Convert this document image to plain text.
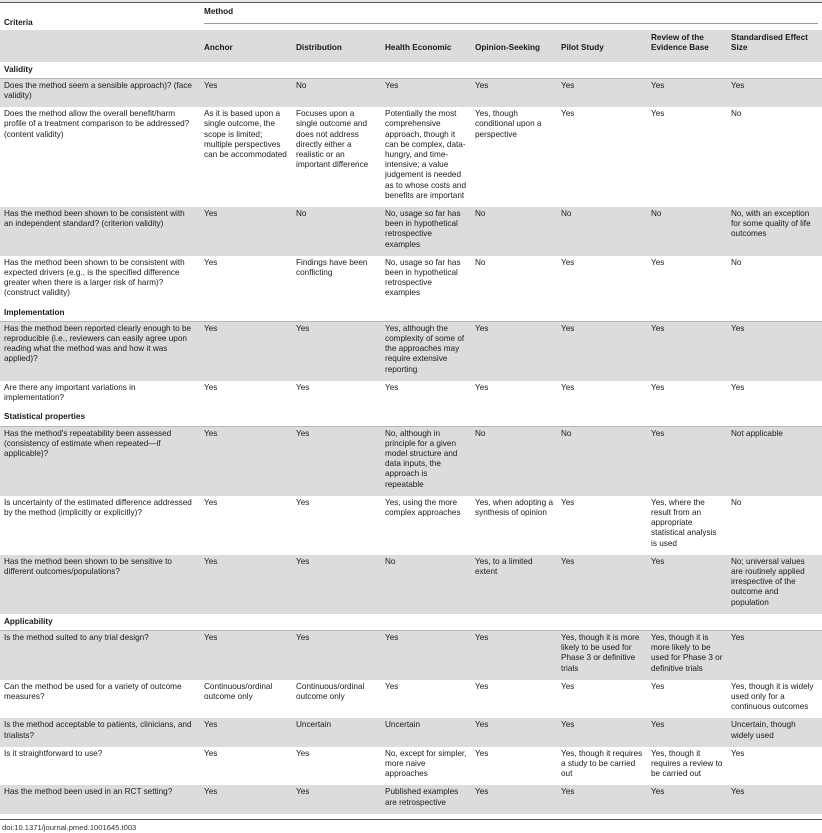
Criteria	Method						

	Anchor	Distribution	Health Economic	Opinion-Seeking	Pilot Study	Review of the Evidence Base	Standardised Effect Size
Validity							
Does the method seem a sensible approach)? (face validity)	Yes	No	Yes	Yes	Yes	Yes	Yes
Does the method allow the overall benefit/harm profile of a treatment comparison to be addressed? (content validity)	As it is based upon a single outcome, the scope is limited; multiple perspectives can be accommodated	Focuses upon a single outcome and does not address directly either a realistic or an important difference	Potentially the most comprehensive approach, though it can be complex, data-hungry, and time-intensive; a value judgement is needed as to whose costs and benefits are important	Yes, though conditional upon a perspective	Yes	Yes	No
Has the method been shown to be consistent with an independent standard? (criterion validity)	Yes	No	No, usage so far has been in hypothetical retrospective examples	No	No	No	No, with an exception for some quality of life outcomes
Has the method been shown to be consistent with expected drivers (e.g., is the specified difference greater when there is a larger risk of harm)? (construct validity)	Yes	Findings have been conflicting	No, usage so far has been in hypothetical retrospective examples	No	Yes	Yes	No
Implementation							
Has the method been reported clearly enough to be reproducible (i.e., reviewers can easily agree upon reading what the method was and how it was applied)?	Yes	Yes	Yes, although the complexity of some of the approaches may require extensive reporting	Yes	Yes	Yes	Yes
Are there any important variations in implementation?	Yes	Yes	Yes	Yes	Yes	Yes	Yes
Statistical properties							
Has the method's repeatability been assessed (consistency of estimate when repeated—if applicable)?	Yes	Yes	No, although in principle for a given model structure and data inputs, the approach is repeatable	No	No	Yes	Not applicable
Is uncertainty of the estimated difference addressed by the method (implicitly or explicitly)?	Yes	Yes	Yes, using the more complex approaches	Yes, when adopting a synthesis of opinion	Yes	Yes, where the result from an appropriate statistical analysis is used	No
Has the method been shown to be sensitive to different outcomes/populations?	Yes	Yes	No	Yes, to a limited extent	Yes	Yes	No; universal values are routinely applied irrespective of the outcome and population
Applicability							
Is the method suited to any trial design?	Yes	Yes	Yes	Yes	Yes, though it is more likely to be used for Phase 3 or definitive trials	Yes, though it is more likely to be used for Phase 3 or definitive trials	Yes
Can the method be used for a variety of outcome measures?	Continuous/ordinal outcome only	Continuous/ordinal outcome only	Yes	Yes	Yes	Yes	Yes, though it is widely used only for a continuous outcomes
Is the method acceptable to patients, clinicians, and trialists?	Yes	Uncertain	Uncertain	Yes	Yes	Yes	Uncertain, though widely used
Is it straightforward to use?	Yes	Yes	No, except for simpler, more naive approaches	Yes	Yes, though it requires a study to be carried out	Yes, though it requires a review to be carried out	Yes
Has the method been used in an RCT setting?	Yes	Yes	Published examples are retrospective	Yes	Yes	Yes	Yes
doi:10.1371/journal.pmed.1001645.t003
